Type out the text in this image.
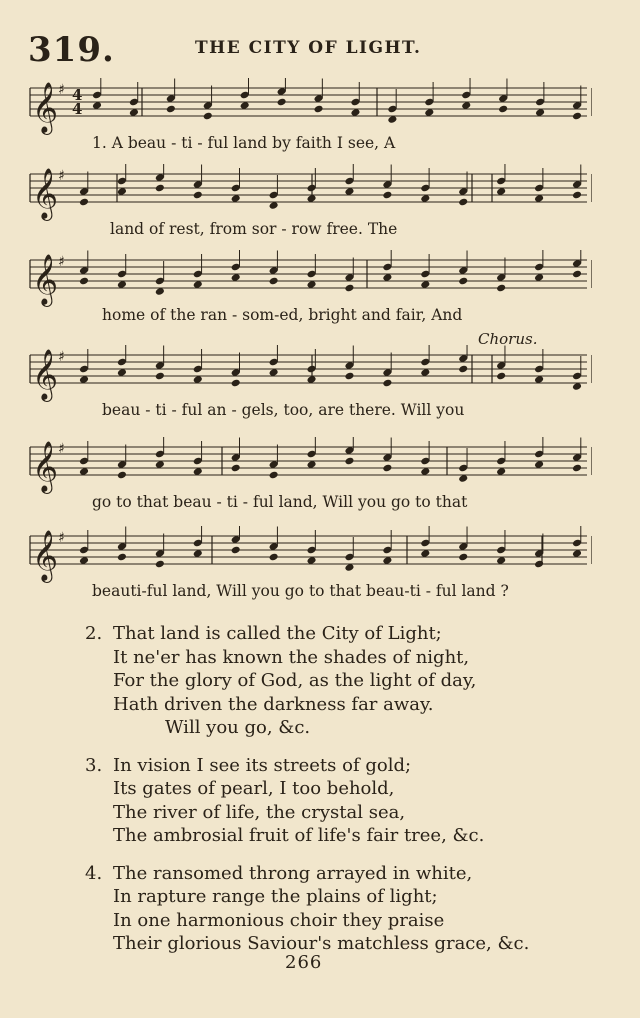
319.	THE CITY OF LIGHT.
𝄞 ♯ 4
4
1. A beau - ti - ful land by faith I see, A
𝄞 ♯
land of rest, from sor - row free. The
𝄞 ♯
home of the ran - som-ed, bright and fair, And
Chorus.
𝄞 ♯
beau - ti - ful an - gels, too, are there. Will you
𝄞 ♯
go to that beau - ti - ful land, Will you go to that
𝄞 ♯
beauti-ful land, Will you go to that beau-ti - ful land ?
2. That land is called the City of Light;
It ne'er has known the shades of night,
For the glory of God, as the light of day,
Hath driven the darkness far away.
Will you go, &c.
3. In vision I see its streets of gold;
Its gates of pearl, I too behold,
The river of life, the crystal sea,
The ambrosial fruit of life's fair tree, &c.
4. The ransomed throng arrayed in white,
In rapture range the plains of light;
In one harmonious choir they praise
Their glorious Saviour's matchless grace, &c.
266
